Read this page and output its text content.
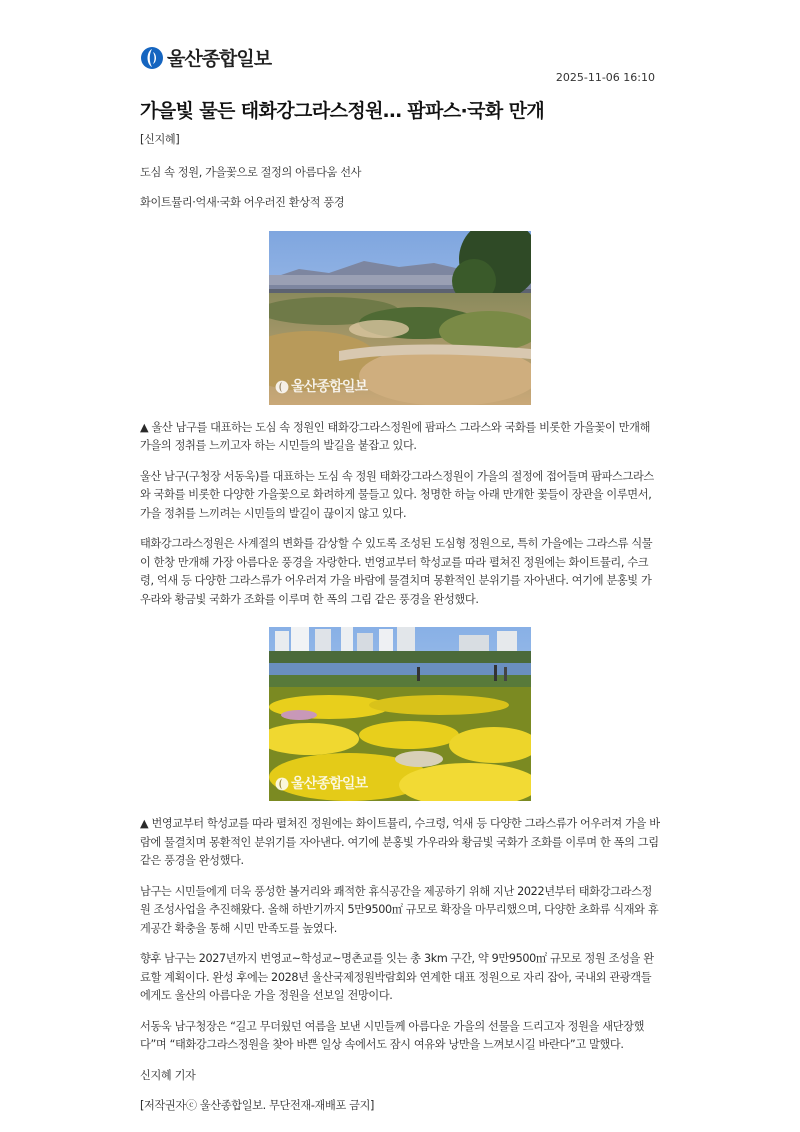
울산종합일보
2025-11-06 16:10
가을빛 물든 태화강그라스정원… 팜파스·국화 만개

[신지혜]

도심 속 정원, 가을꽃으로 절정의 아름다움 선사

화이트뮬리·억새·국화 어우러진 환상적 풍경

울산종합일보

▲ 울산 남구를 대표하는 도심 속 정원인 태화강그라스정원에 팜파스 그라스와 국화를 비롯한 가을꽃이 만개해 가을의 정취를 느끼고자 하는 시민들의 발길을 붙잡고 있다.

울산 남구(구청장 서동욱)를 대표하는 도심 속 정원 태화강그라스정원이 가을의 절정에 접어들며 팜파스그라스와 국화를 비롯한 다양한 가을꽃으로 화려하게 물들고 있다. 청명한 하늘 아래 만개한 꽃들이 장관을 이루면서, 가을 정취를 느끼려는 시민들의 발길이 끊이지 않고 있다.

태화강그라스정원은 사계절의 변화를 감상할 수 있도록 조성된 도심형 정원으로, 특히 가을에는 그라스류 식물이 한창 만개해 가장 아름다운 풍경을 자랑한다. 번영교부터 학성교를 따라 펼쳐진 정원에는 화이트뮬리, 수크령, 억새 등 다양한 그라스류가 어우러져 가을 바람에 물결치며 몽환적인 분위기를 자아낸다. 여기에 분홍빛 가우라와 황금빛 국화가 조화를 이루며 한 폭의 그림 같은 풍경을 완성했다.

울산종합일보

▲ 번영교부터 학성교를 따라 펼쳐진 정원에는 화이트뮬리, 수크령, 억새 등 다양한 그라스류가 어우러져 가을 바람에 물결치며 몽환적인 분위기를 자아낸다. 여기에 분홍빛 가우라와 황금빛 국화가 조화를 이루며 한 폭의 그림 같은 풍경을 완성했다.

남구는 시민들에게 더욱 풍성한 볼거리와 쾌적한 휴식공간을 제공하기 위해 지난 2022년부터 태화강그라스정원 조성사업을 추진해왔다. 올해 하반기까지 5만9500㎡ 규모로 확장을 마무리했으며, 다양한 초화류 식재와 휴게공간 확충을 통해 시민 만족도를 높였다.

향후 남구는 2027년까지 번영교~학성교~명촌교를 잇는 총 3km 구간, 약 9만9500㎡ 규모로 정원 조성을 완료할 계획이다. 완성 후에는 2028년 울산국제정원박람회와 연계한 대표 정원으로 자리 잡아, 국내외 관광객들에게도 울산의 아름다운 가을 정원을 선보일 전망이다.

서동욱 남구청장은 “길고 무더웠던 여름을 보낸 시민들께 아름다운 가을의 선물을 드리고자 정원을 새단장했다”며 “태화강그라스정원을 찾아 바쁜 일상 속에서도 잠시 여유와 낭만을 느껴보시길 바란다”고 말했다.

신지혜 기자

[저작권자ⓒ 울산종합일보. 무단전재-재배포 금지]
